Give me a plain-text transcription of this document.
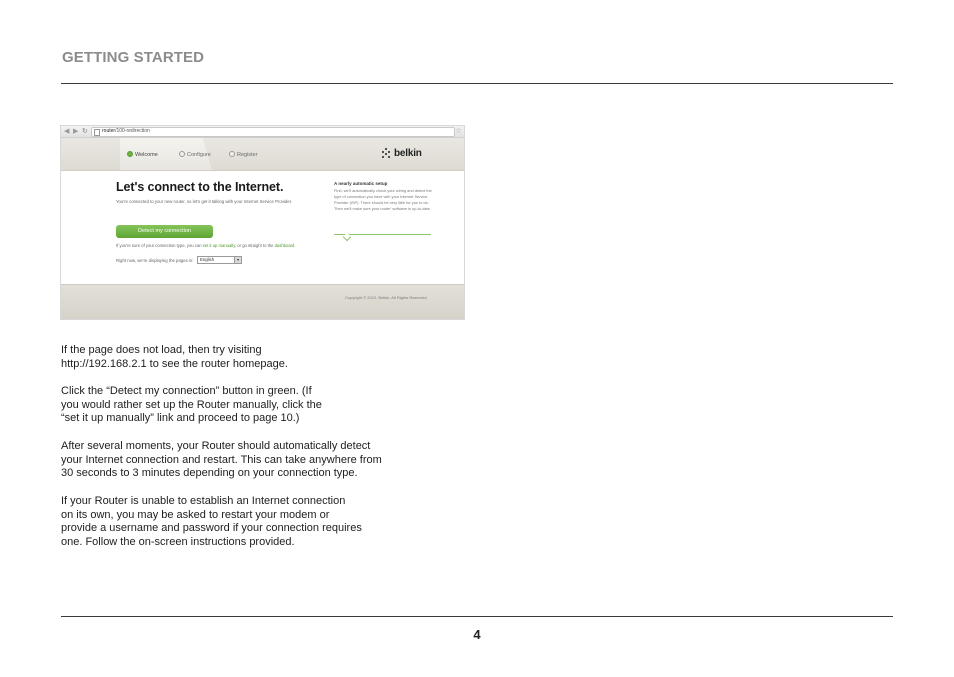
GETTING STARTED
◀ ▶ ↻	router/100-redirection	☆
Welcome	Configure	Register	belkin
Let's connect to the Internet.
You're connected to your new router, so let's get it talking with your Internet Service Provider.
Detect my connection
If you're sure of your connection type, you can set it up manually, or go straight to the dashboard
Right now, we're displaying the pages in: English	▾
A nearly automatic setup
First, we'll automatically check your wiring and detect the type of connection you have with your Internet Service Provider (ISP). There should be very little for you to do. Then we'll make sure your router' software is up-to-date.
Copyright © 2012. Belkin. All Rights Reserved.

If the page does not load, then try visiting
http://192.168.2.1 to see the router homepage.

Click the “Detect my connection” button in green. (If
you would rather set up the Router manually, click the
“set it up manually” link and proceed to page 10.)

After several moments, your Router should automatically detect
your Internet connection and restart. This can take anywhere from
30 seconds to 3 minutes depending on your connection type.

If your Router is unable to establish an Internet connection
on its own, you may be asked to restart your modem or
provide a username and password if your connection requires
one. Follow the on-screen instructions provided.

4
